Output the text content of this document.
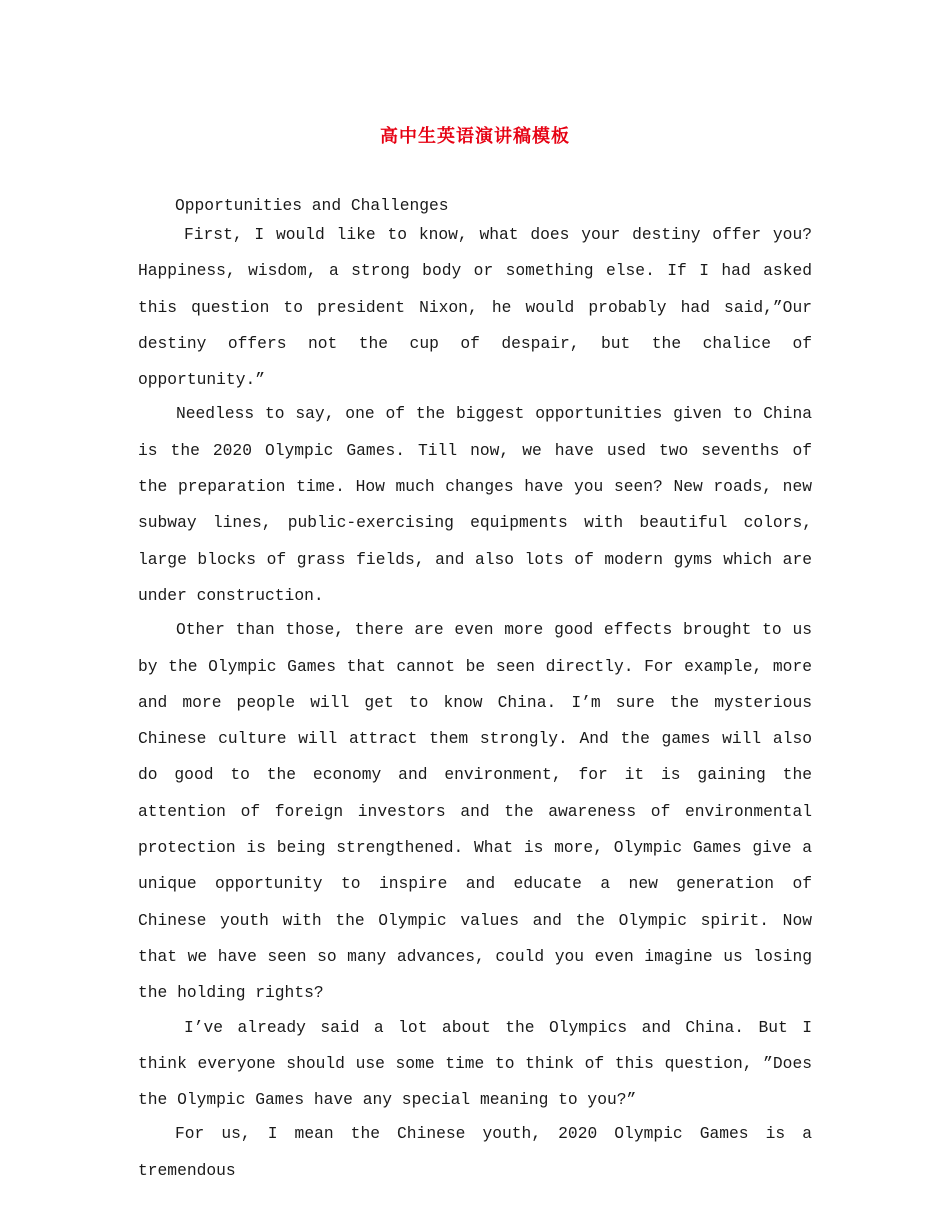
高中生英语演讲稿模板

Opportunities and Challenges

First, I would like to know, what does your destiny offer you? Happiness, wisdom, a strong body or something else. If I had asked this question to president Nixon, he would probably had said,”Our destiny offers not the cup of despair, but the chalice of opportunity.”

Needless to say, one of the biggest opportunities given to China is the 2020 Olympic Games. Till now, we have used two sevenths of the preparation time. How much changes have you seen? New roads, new subway lines, public-exercising equipments with beautiful colors, large blocks of grass fields, and also lots of modern gyms which are under construction.

Other than those, there are even more good effects brought to us by the Olympic Games that cannot be seen directly. For example, more and more people will get to know China. I’m sure the mysterious Chinese culture will attract them strongly. And the games will also do good to the economy and environment, for it is gaining the attention of foreign investors and the awareness of environmental protection is being strengthened. What is more, Olympic Games give a unique opportunity to inspire and educate a new generation of Chinese youth with the Olympic values and the Olympic spirit. Now that we have seen so many advances, could you even imagine us losing the holding rights?

I’ve already said a lot about the Olympics and China. But I think everyone should use some time to think of this question, ”Does the Olympic Games have any special meaning to you?”

For us, I mean the Chinese youth, 2020 Olympic Games is a tremendous
